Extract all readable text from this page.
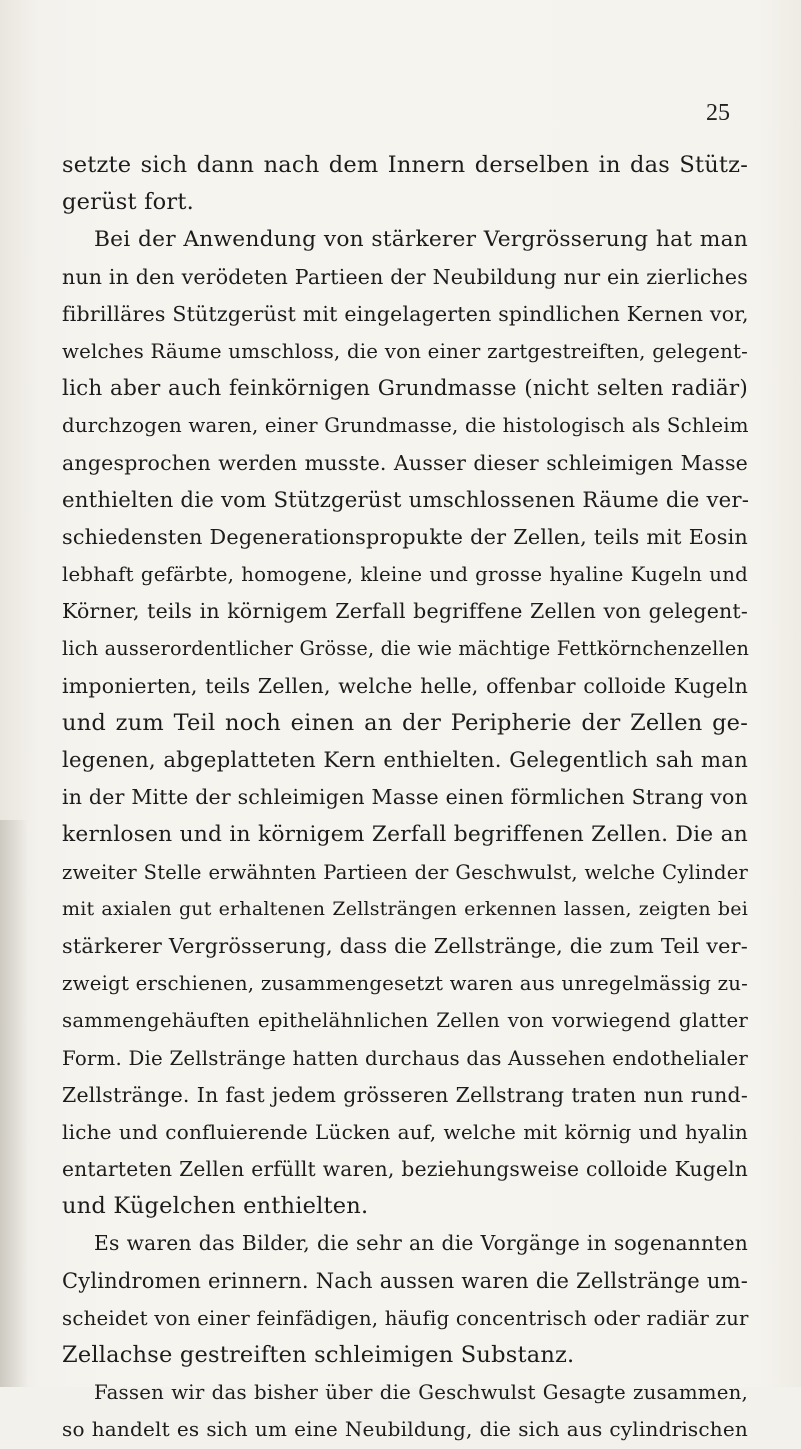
25
setzte sich dann nach dem Innern derselben in das Stütz-
gerüst fort.
Bei der Anwendung von stärkerer Vergrösserung hat man
nun in den verödeten Partieen der Neubildung nur ein zierliches
fibrilläres Stützgerüst mit eingelagerten spindlichen Kernen vor,
welches Räume umschloss, die von einer zartgestreiften, gelegent-
lich aber auch feinkörnigen Grundmasse (nicht selten radiär)
durchzogen waren, einer Grundmasse, die histologisch als Schleim
angesprochen werden musste. Ausser dieser schleimigen Masse
enthielten die vom Stützgerüst umschlossenen Räume die ver-
schiedensten Degenerationspropukte der Zellen, teils mit Eosin
lebhaft gefärbte, homogene, kleine und grosse hyaline Kugeln und
Körner, teils in körnigem Zerfall begriffene Zellen von gelegent-
lich ausserordentlicher Grösse, die wie mächtige Fettkörnchenzellen
imponierten, teils Zellen, welche helle, offenbar colloide Kugeln
und zum Teil noch einen an der Peripherie der Zellen ge-
legenen, abgeplatteten Kern enthielten. Gelegentlich sah man
in der Mitte der schleimigen Masse einen förmlichen Strang von
kernlosen und in körnigem Zerfall begriffenen Zellen. Die an
zweiter Stelle erwähnten Partieen der Geschwulst, welche Cylinder
mit axialen gut erhaltenen Zellsträngen erkennen lassen, zeigten bei
stärkerer Vergrösserung, dass die Zellstränge, die zum Teil ver-
zweigt erschienen, zusammengesetzt waren aus unregelmässig zu-
sammengehäuften epithelähnlichen Zellen von vorwiegend glatter
Form. Die Zellstränge hatten durchaus das Aussehen endothelialer
Zellstränge. In fast jedem grösseren Zellstrang traten nun rund-
liche und confluierende Lücken auf, welche mit körnig und hyalin
entarteten Zellen erfüllt waren, beziehungsweise colloide Kugeln
und Kügelchen enthielten.
Es waren das Bilder, die sehr an die Vorgänge in sogenannten
Cylindromen erinnern. Nach aussen waren die Zellstränge um-
scheidet von einer feinfädigen, häufig concentrisch oder radiär zur
Zellachse gestreiften schleimigen Substanz.
Fassen wir das bisher über die Geschwulst Gesagte zusammen,
so handelt es sich um eine Neubildung, die sich aus cylindrischen
